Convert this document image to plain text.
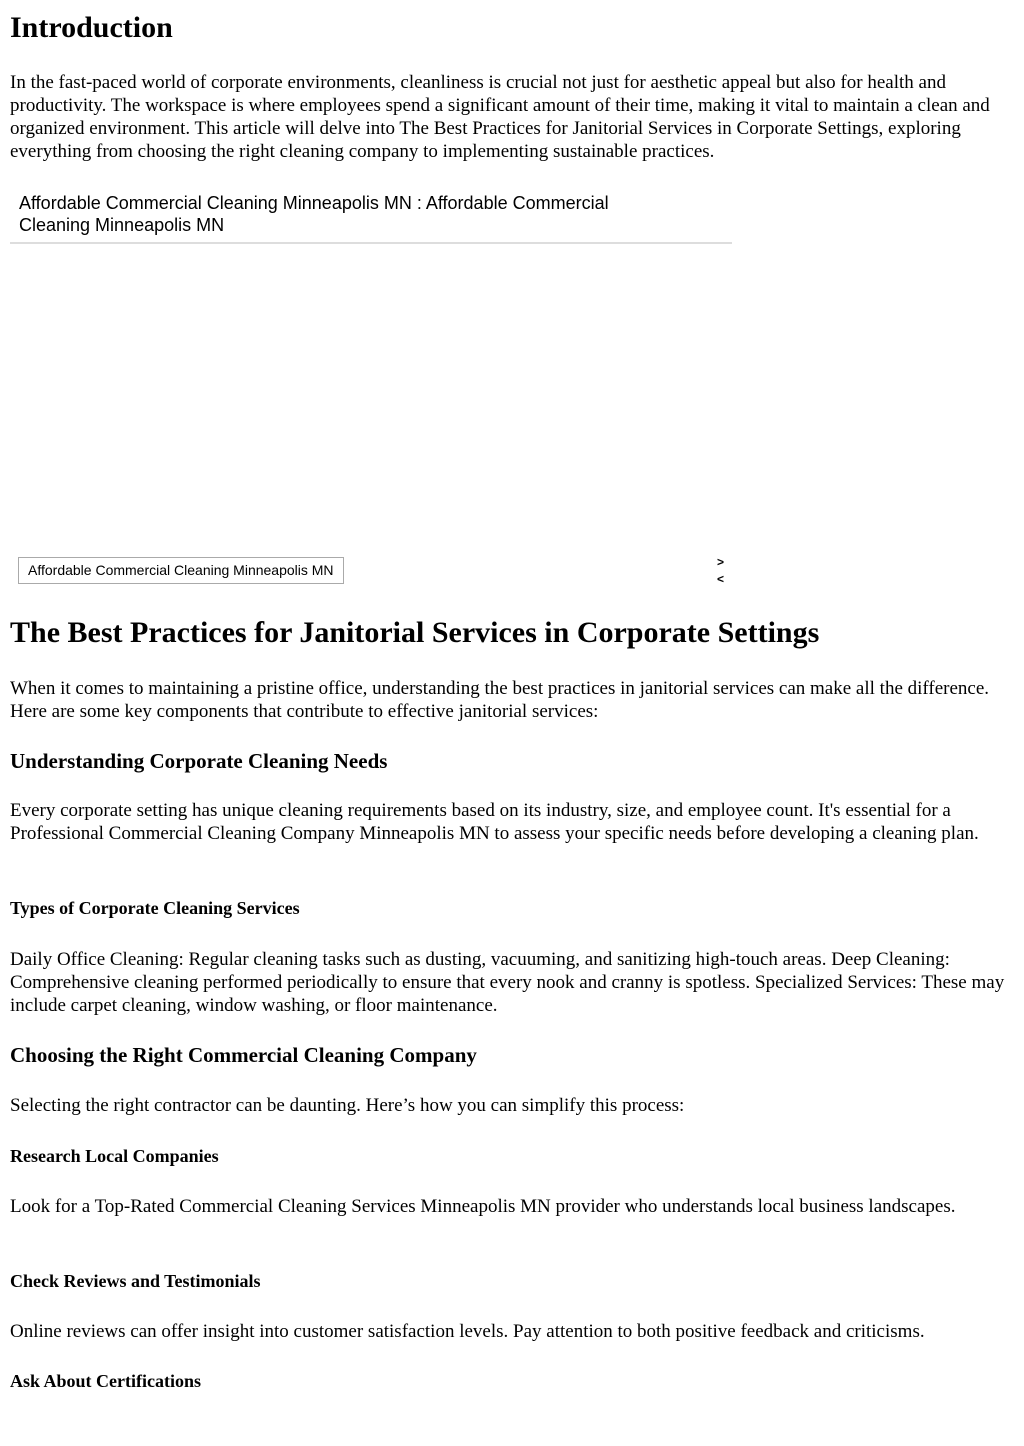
Introduction

In the fast-paced world of corporate environments, cleanliness is crucial not just for aesthetic appeal but also for health and productivity. The workspace is where employees spend a significant amount of their time, making it vital to maintain a clean and organized environment. This article will delve into The Best Practices for Janitorial Services in Corporate Settings, exploring everything from choosing the right cleaning company to implementing sustainable practices.

Affordable Commercial Cleaning Minneapolis MN : Affordable Commercial Cleaning Minneapolis MN
Affordable Commercial Cleaning Minneapolis MN	>
<
The Best Practices for Janitorial Services in Corporate Settings

When it comes to maintaining a pristine office, understanding the best practices in janitorial services can make all the difference. Here are some key components that contribute to effective janitorial services:

Understanding Corporate Cleaning Needs

Every corporate setting has unique cleaning requirements based on its industry, size, and employee count. It's essential for a Professional Commercial Cleaning Company Minneapolis MN to assess your specific needs before developing a cleaning plan.

Types of Corporate Cleaning Services

Daily Office Cleaning: Regular cleaning tasks such as dusting, vacuuming, and sanitizing high-touch areas. Deep Cleaning: Comprehensive cleaning performed periodically to ensure that every nook and cranny is spotless. Specialized Services: These may include carpet cleaning, window washing, or floor maintenance.

Choosing the Right Commercial Cleaning Company

Selecting the right contractor can be daunting. Here’s how you can simplify this process:

Research Local Companies

Look for a Top-Rated Commercial Cleaning Services Minneapolis MN provider who understands local business landscapes.

Check Reviews and Testimonials

Online reviews can offer insight into customer satisfaction levels. Pay attention to both positive feedback and criticisms.

Ask About Certifications
